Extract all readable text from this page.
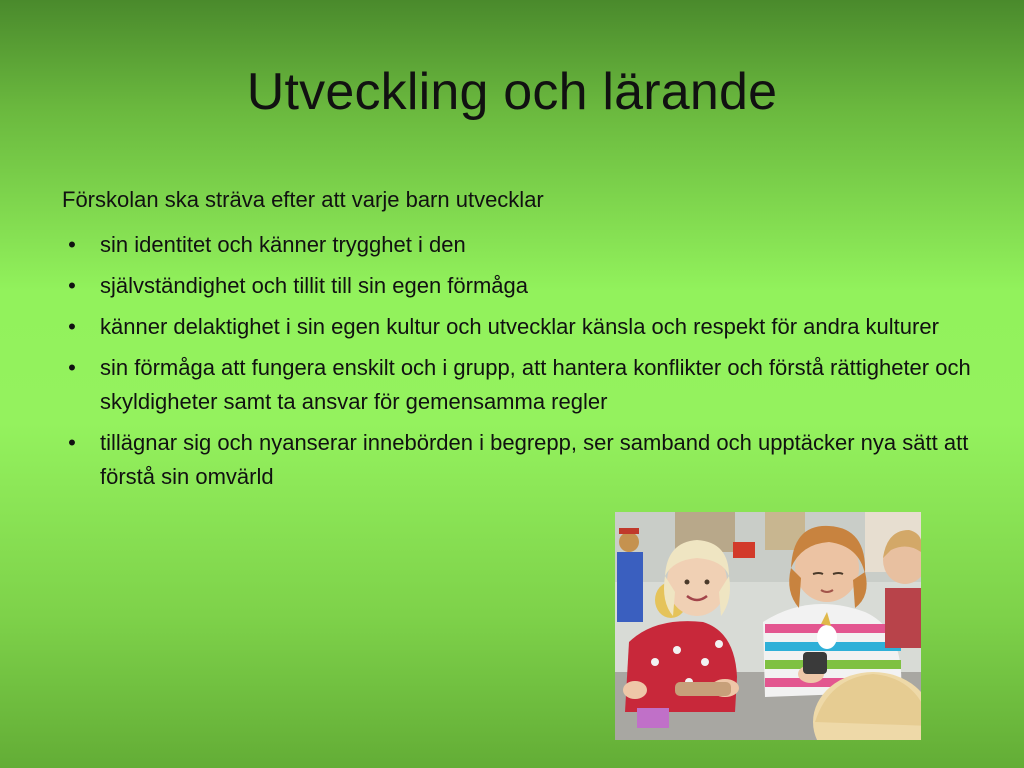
Utveckling och lärande
Förskolan ska sträva efter att varje barn utvecklar
• sin identitet och känner trygghet i den
• självständighet och tillit till sin egen förmåga
• känner delaktighet i sin egen kultur och utvecklar känsla och respekt för andra kulturer
• sin förmåga att fungera enskilt och i grupp, att hantera konflikter och förstå rättigheter och skyldigheter samt ta ansvar för gemensamma regler
• tillägnar sig och nyanserar innebörden i begrepp, ser samband och upptäcker nya sätt att förstå sin omvärld
